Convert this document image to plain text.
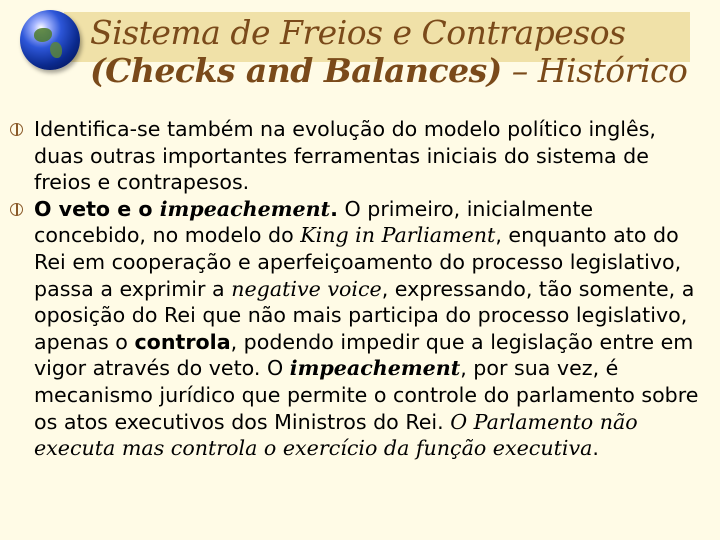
Sistema de Freios e Contrapesos
(Checks and Balances) – Histórico

Identifica-se também na evolução do modelo político inglês, duas outras importantes ferramentas iniciais do sistema de freios e contrapesos.

O veto e o impeachement. O primeiro, inicialmente concebido, no modelo do King in Parliament, enquanto ato do Rei em cooperação e aperfeiçoamento do processo legislativo, passa a exprimir a negative voice, expressando, tão somente, a oposição do Rei que não mais participa do processo legislativo, apenas o controla, podendo impedir que a legislação entre em vigor através do veto. O impeachement, por sua vez, é mecanismo jurídico que permite o controle do parlamento sobre os atos executivos dos Ministros do Rei. O Parlamento não executa mas controla o exercício da função executiva.
